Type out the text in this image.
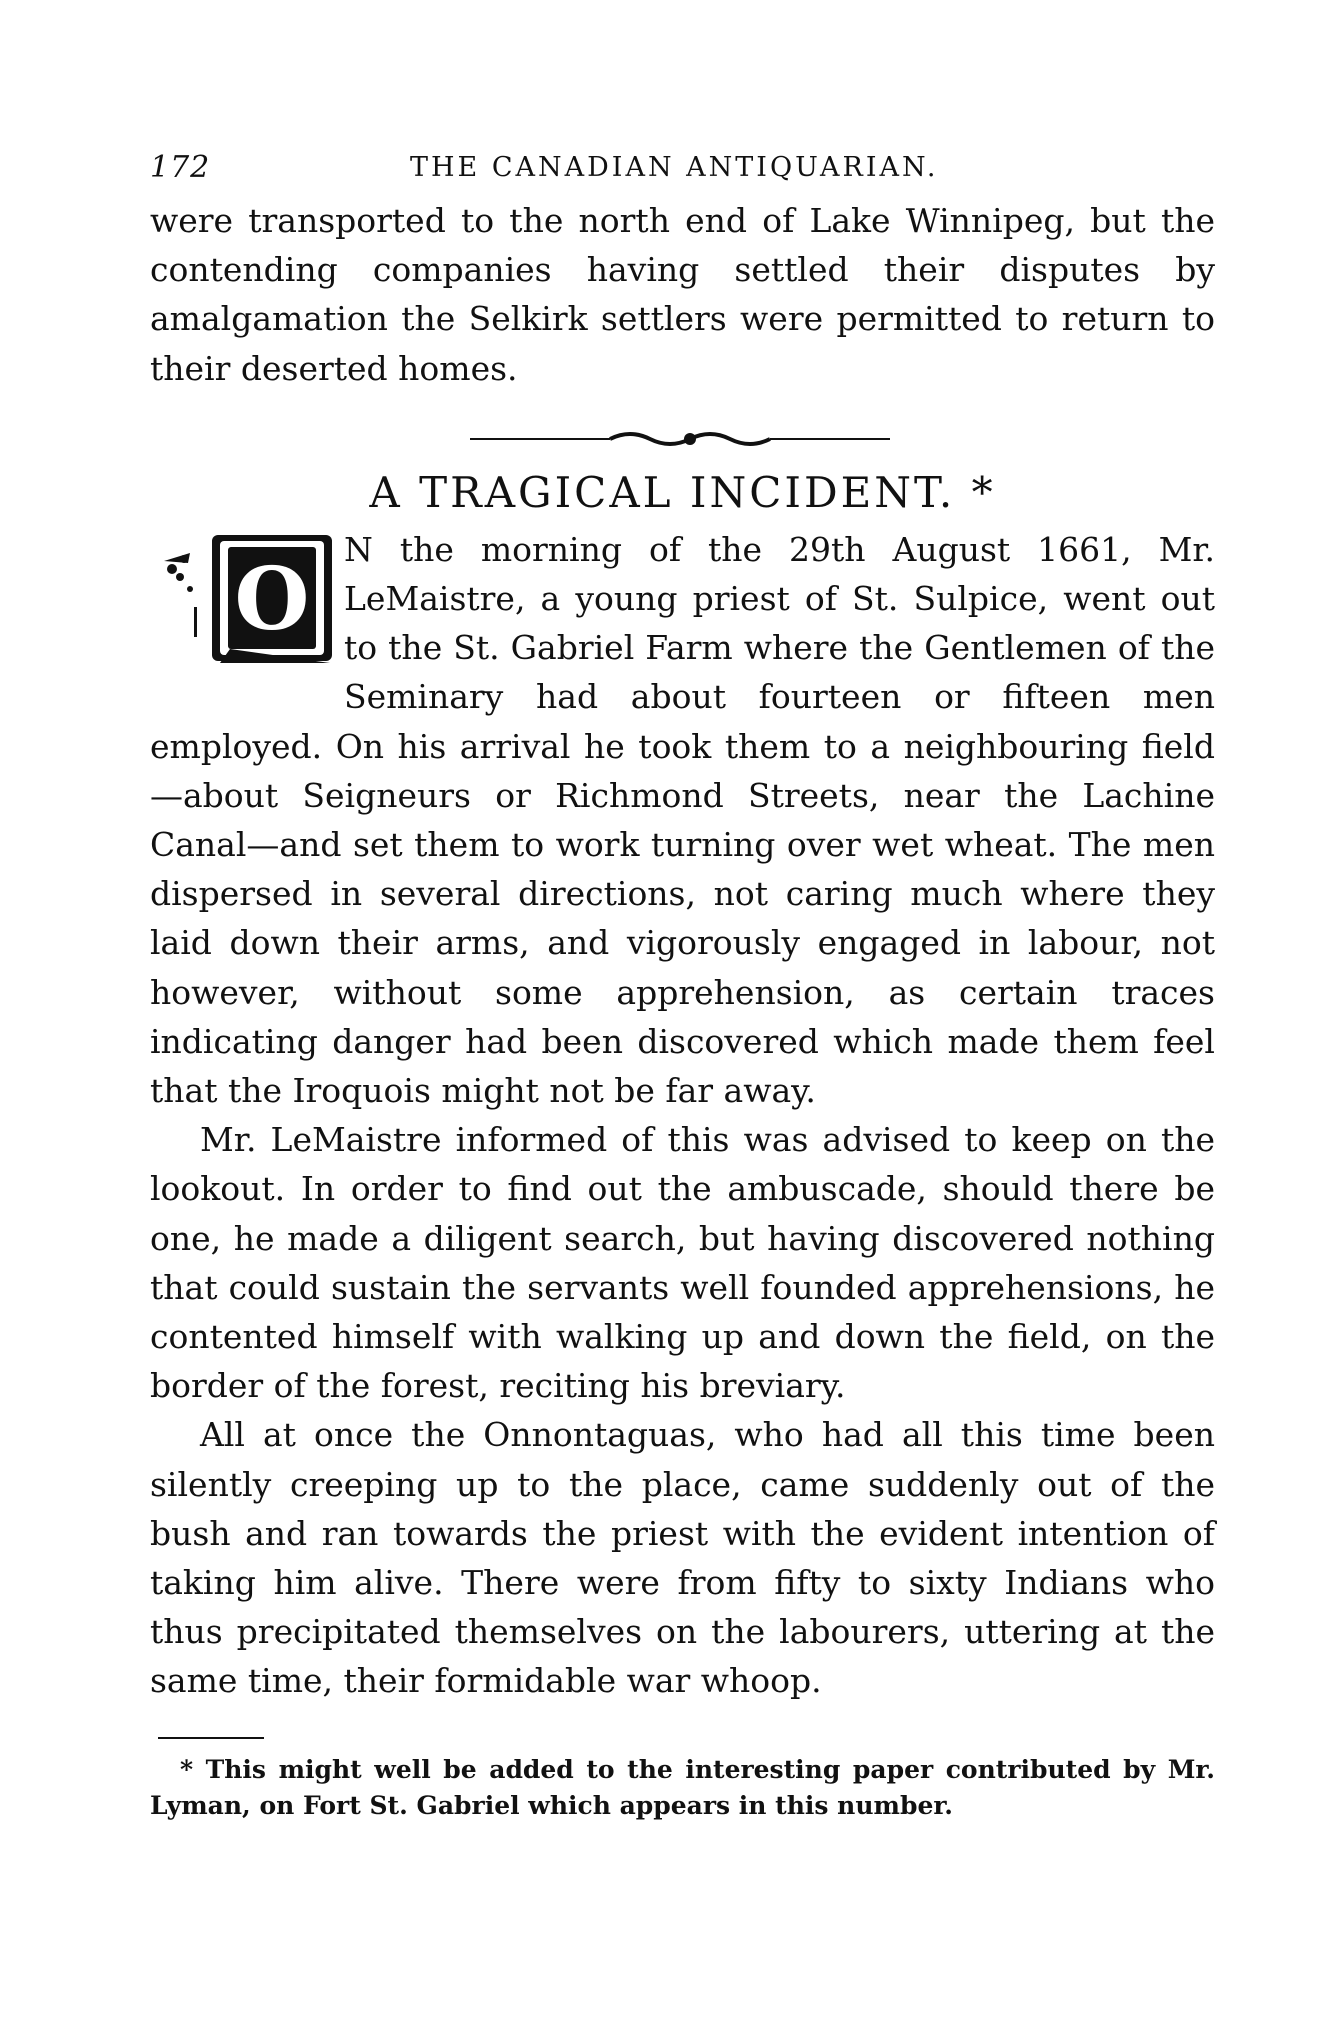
172	THE CANADIAN ANTIQUARIAN.

were transported to the north end of Lake Winnipeg, but the contending companies having settled their disputes by amalgamation the Selkirk settlers were permitted to return to their deserted homes.

A TRAGICAL INCIDENT. *
O	N the morning of the 29th August 1661, Mr. LeMaistre, a young priest of St. Sulpice, went out to the St. Gabriel Farm where the Gentlemen of the Seminary had about fourteen or fifteen men employed. On his arrival he took them to a neighbouring field—about Seigneurs or Richmond Streets, near the Lachine Canal—and set them to work turning over wet wheat. The men dispersed in several directions, not caring much where they laid down their arms, and vigorously engaged in labour, not however, without some apprehension, as certain traces indicating danger had been discovered which made them feel that the Iroquois might not be far away.

Mr. LeMaistre informed of this was advised to keep on the lookout. In order to find out the ambuscade, should there be one, he made a diligent search, but having discovered nothing that could sustain the servants well founded apprehensions, he contented himself with walking up and down the field, on the border of the forest, reciting his breviary.

All at once the Onnontaguas, who had all this time been silently creeping up to the place, came suddenly out of the bush and ran towards the priest with the evident intention of taking him alive. There were from fifty to sixty Indians who thus precipitated themselves on the labourers, uttering at the same time, their formidable war whoop.

* This might well be added to the interesting paper contributed by Mr. Lyman, on Fort St. Gabriel which appears in this number.
